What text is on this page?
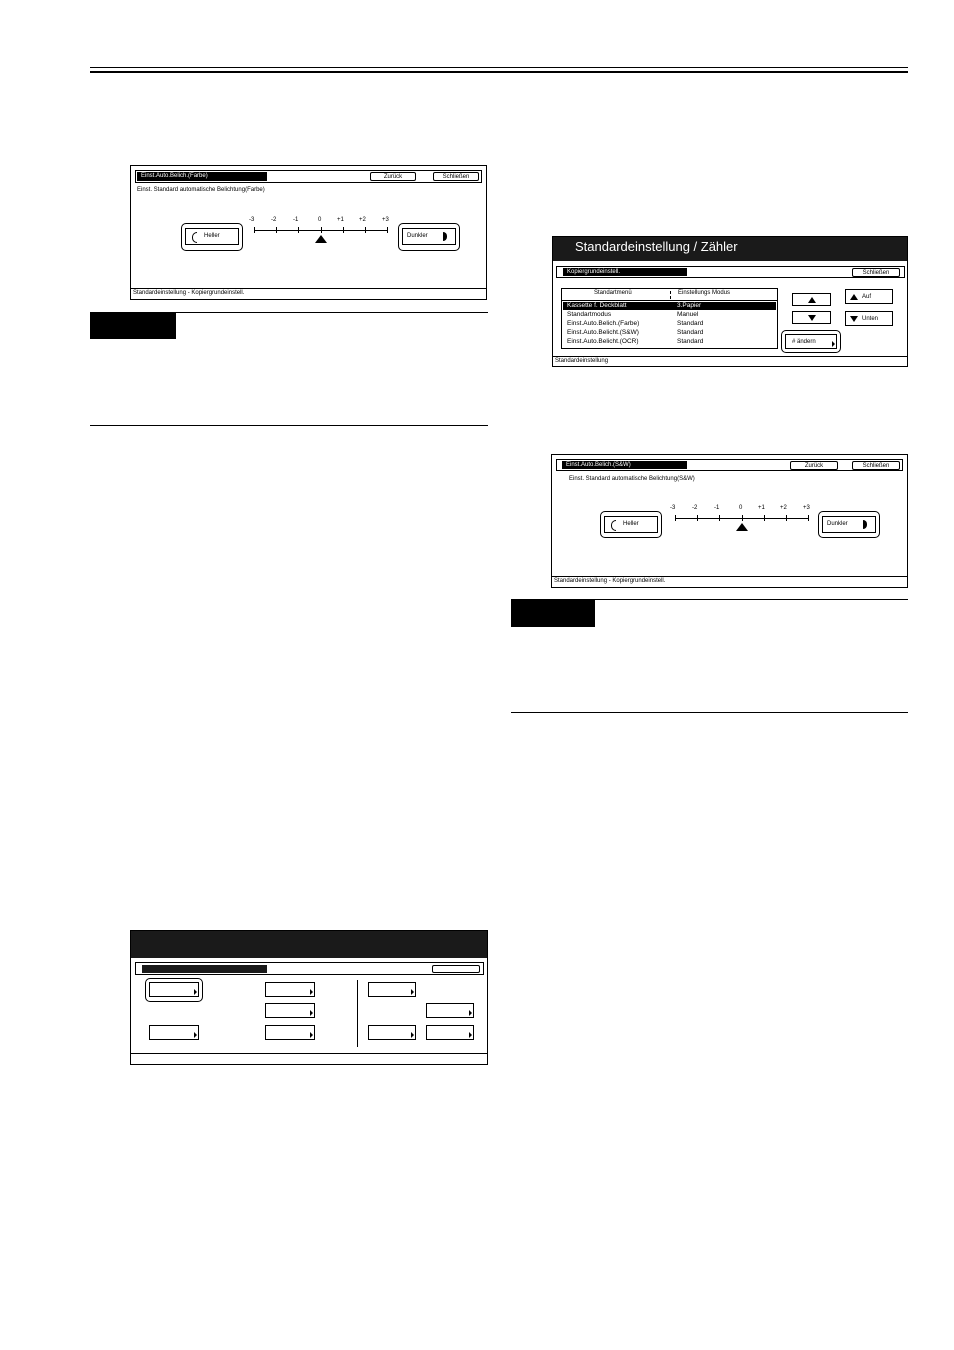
Einst.Auto.Belich.(Farbe)	Zurück	Schließen
Einst. Standard automatische Belichtung(Farbe)
Heller
-3	-2	-1	0	+1	+2	+3
Dunkler
Standardeinstellung - Kopiergrundeinstell.
Standardeinstellung / Zähler
Kopiergrundeinstell.	Schließen
Standartmenü	Einstellungs Modus
Kassette f. Deckblatt	3.Papier
Standartmodus	Manuel
Einst.Auto.Belich.(Farbe)	Standard
Einst.Auto.Belicht.(S&W)	Standard
Einst.Auto.Belicht.(OCR)	Standard
Auf
Unten
# ändern
Standardeinstellung
Einst.Auto.Belich.(S&W)	Zurück	Schließen
Einst. Standard automatische Belichtung(S&W)
Heller
-3	-2	-1	0	+1	+2	+3
Dunkler
Standardeinstellung - Kopiergrundeinstell.
